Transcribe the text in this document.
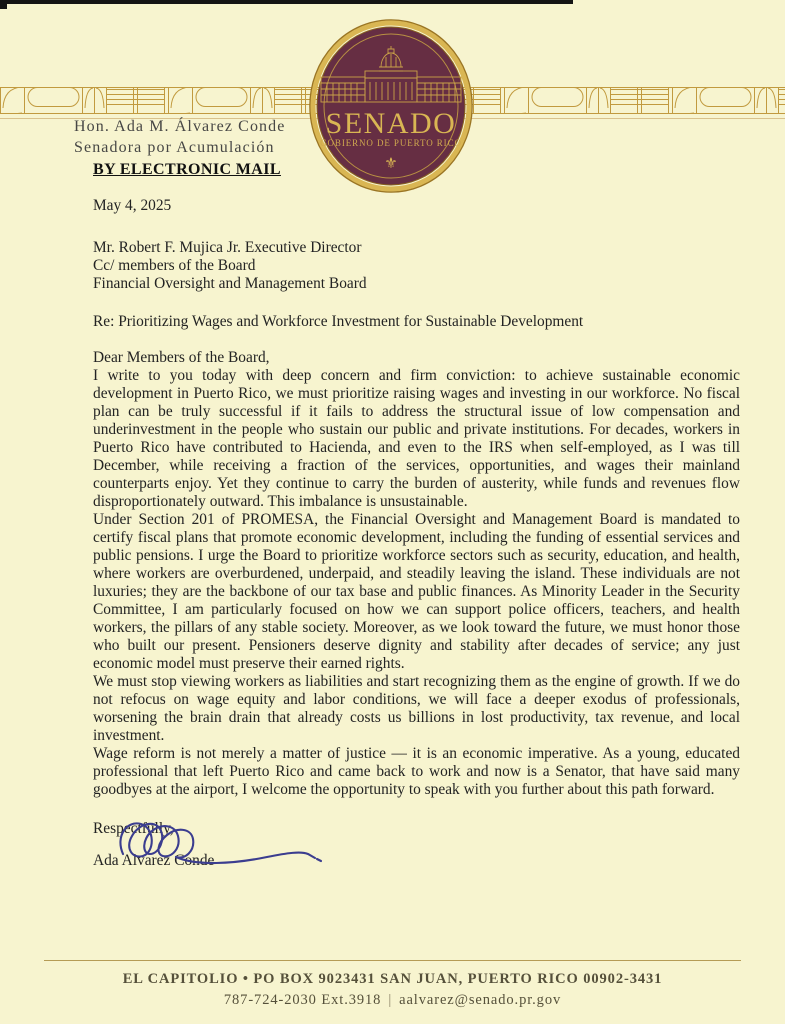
SENADO
GOBIERNO DE PUERTO RICO
⚜
Hon. Ada M. Álvarez Conde
Senadora por Acumulación
BY ELECTRONIC MAIL
May 4, 2025
Mr. Robert F. Mujica Jr. Executive Director
Cc/ members of the Board
Financial Oversight and Management Board
Re: Prioritizing Wages and Workforce Investment for Sustainable Development
Dear Members of the Board,

I write to you today with deep concern and firm conviction: to achieve sustainable economic development in Puerto Rico, we must prioritize raising wages and investing in our workforce. No fiscal plan can be truly successful if it fails to address the structural issue of low compensation and underinvestment in the people who sustain our public and private institutions. For decades, workers in Puerto Rico have contributed to Hacienda, and even to the IRS when self-employed, as I was till December, while receiving a fraction of the services, opportunities, and wages their mainland counterparts enjoy. Yet they continue to carry the burden of austerity, while funds and revenues flow disproportionately outward. This imbalance is unsustainable.

Under Section 201 of PROMESA, the Financial Oversight and Management Board is mandated to certify fiscal plans that promote economic development, including the funding of essential services and public pensions. I urge the Board to prioritize workforce sectors such as security, education, and health, where workers are overburdened, underpaid, and steadily leaving the island. These individuals are not luxuries; they are the backbone of our tax base and public finances. As Minority Leader in the Security Committee, I am particularly focused on how we can support police officers, teachers, and health workers, the pillars of any stable society. Moreover, as we look toward the future, we must honor those who built our present. Pensioners deserve dignity and stability after decades of service; any just economic model must preserve their earned rights.

We must stop viewing workers as liabilities and start recognizing them as the engine of growth. If we do not refocus on wage equity and labor conditions, we will face a deeper exodus of professionals, worsening the brain drain that already costs us billions in lost productivity, tax revenue, and local investment.

Wage reform is not merely a matter of justice — it is an economic imperative. As a young, educated professional that left Puerto Rico and came back to work and now is a Senator, that have said many goodbyes at the airport, I welcome the opportunity to speak with you further about this path forward.

Respectfully,
Ada Alvarez Conde
EL CAPITOLIO • PO BOX 9023431 SAN JUAN, PUERTO RICO 00902-3431
787-724-2030 Ext.3918 | aalvarez@senado.pr.gov
